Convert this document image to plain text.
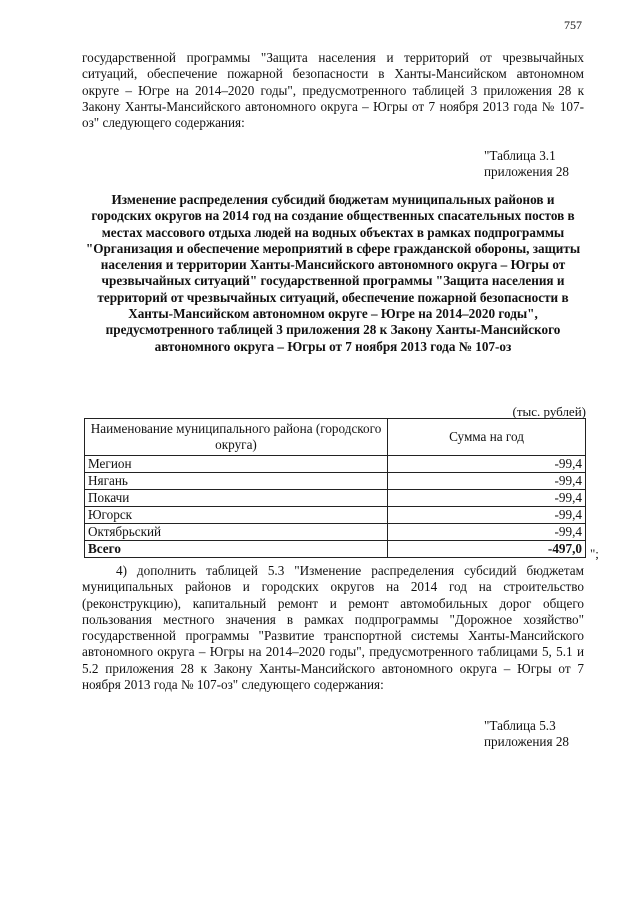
757
государственной программы "Защита населения и территорий от чрезвычайных ситуаций, обеспечение пожарной безопасности в Ханты-Мансийском автономном округе – Югре на 2014–2020 годы", предусмотренного таблицей 3 приложения 28 к Закону Ханты-Мансийского автономного округа – Югры от 7 ноября 2013 года № 107-оз" следующего содержания:
"Таблица 3.1
приложения 28
Изменение распределения субсидий бюджетам муниципальных районов и городских округов на 2014 год на создание общественных спасательных постов в местах массового отдыха людей на водных объектах в рамках подпрограммы "Организация и обеспечение мероприятий в сфере гражданской обороны, защиты населения и территории Ханты-Мансийского автономного округа – Югры от чрезвычайных ситуаций" государственной программы "Защита населения и территорий от чрезвычайных ситуаций, обеспечение пожарной безопасности в Ханты-Мансийском автономном округе – Югре на 2014–2020 годы", предусмотренного таблицей 3 приложения 28 к Закону Ханты-Мансийского автономного округа – Югры от 7 ноября 2013 года № 107-оз
(тыс. рублей)
Наименование муниципального района (городского округа)	Сумма на год
Мегион	-99,4
Нягань	-99,4
Покачи	-99,4
Югорск	-99,4
Октябрьский	-99,4
Всего	-497,0 ";
4) дополнить таблицей 5.3 "Изменение распределения субсидий бюджетам муниципальных районов и городских округов на 2014 год на строительство (реконструкцию), капитальный ремонт и ремонт автомобильных дорог общего пользования местного значения в рамках подпрограммы "Дорожное хозяйство" государственной программы "Развитие транспортной системы Ханты-Мансийского автономного округа – Югры на 2014–2020 годы", предусмотренного таблицами 5, 5.1 и 5.2 приложения 28 к Закону Ханты-Мансийского автономного округа – Югры от 7 ноября 2013 года № 107-оз" следующего содержания:
"Таблица 5.3
приложения 28
